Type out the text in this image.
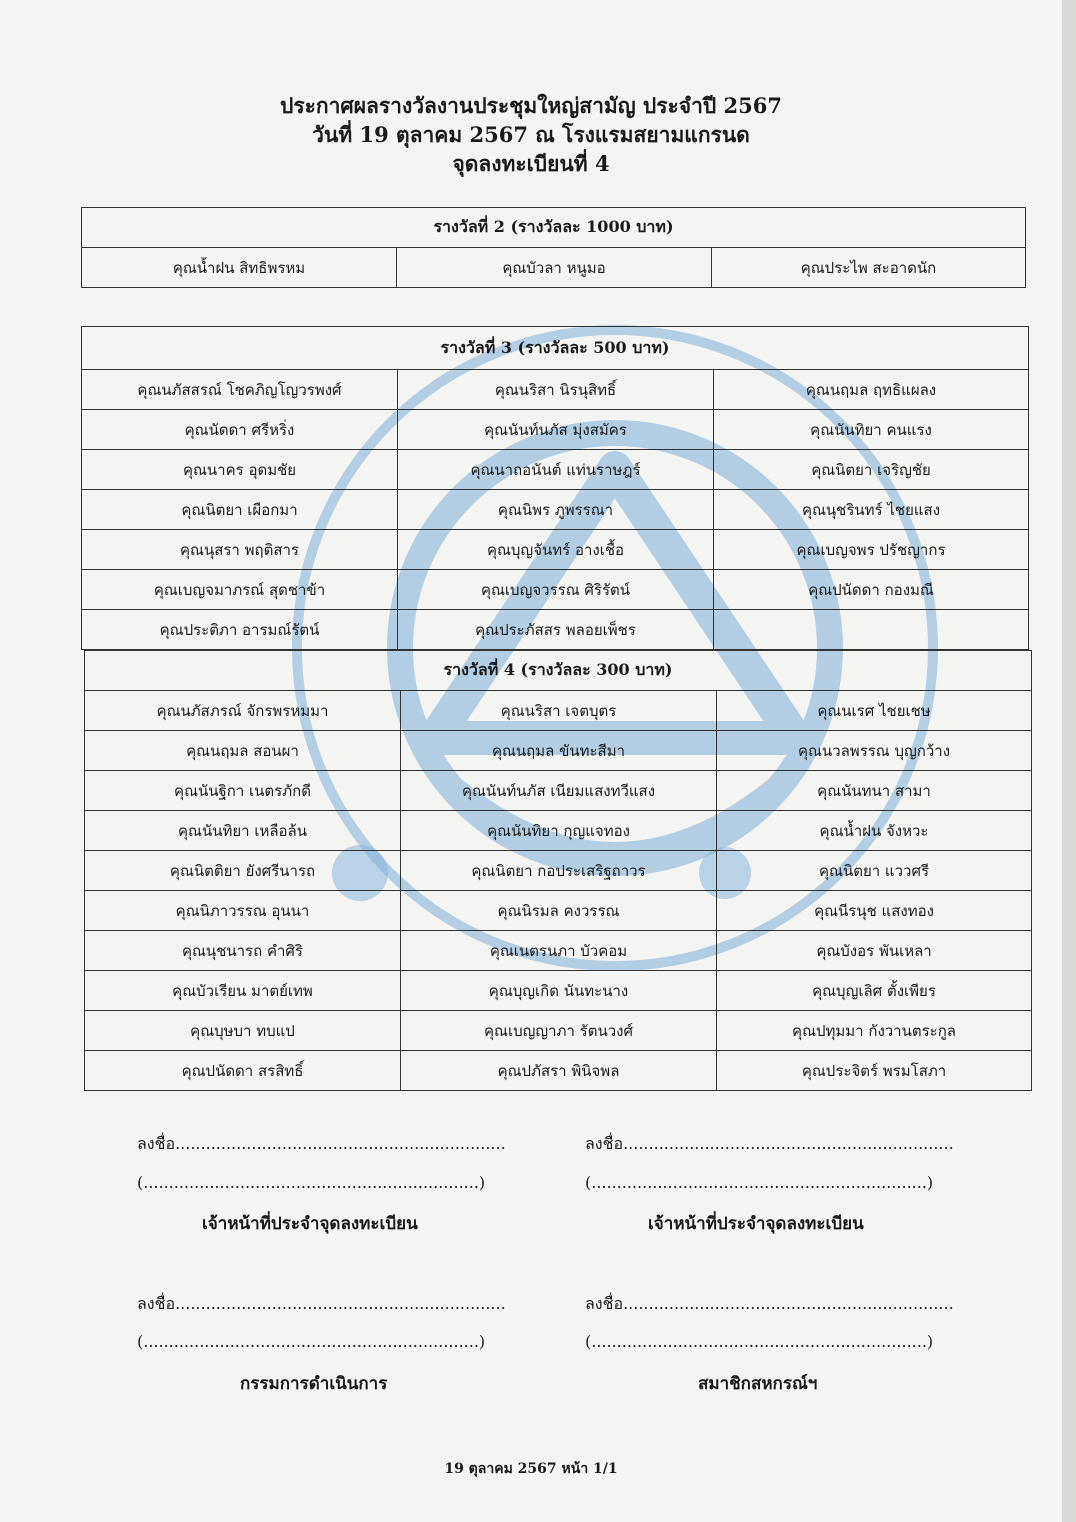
ประกาศผลรางวัลงานประชุมใหญ่สามัญ ประจำปี 2567
วันที่ 19 ตุลาคม 2567 ณ โรงแรมสยามแกรนด
จุดลงทะเบียนที่ 4
รางวัลที่ 2 (รางวัลละ 1000 บาท)
คุณน้ำฝน สิทธิพรหม	คุณบัวลา หนูมอ	คุณประไพ สะอาดนัก
รางวัลที่ 3 (รางวัลละ 500 บาท)		
คุณนภัสสรณ์ โชคภิญโญวรพงศ์	คุณนริสา นิรนุสิทธิ์	คุณนฤมล ฤทธิแผลง
คุณนัดดา ศรีหริ่ง	คุณนันท์นภัส มุ่งสมัคร	คุณนันทิยา คนแรง
คุณนาคร อุดมชัย	คุณนาถอนันต์ แท่นราษฎร์	คุณนิตยา เจริญชัย
คุณนิตยา เผือกมา	คุณนิพร ภูพรรณา	คุณนุชรินทร์ ไชยแสง
คุณนุสรา พฤติสาร	คุณบุญจันทร์ อางเชื้อ	คุณเบญจพร ปรัชญากร
คุณเบญจมาภรณ์ สุดชาข้า	คุณเบญจวรรณ ศิริรัตน์	คุณปนัดดา กองมณี
คุณประติภา อารมณ์รัตน์	คุณประภัสสร พลอยเพ็ชร	
รางวัลที่ 4 (รางวัลละ 300 บาท)		
คุณนภัสภรณ์ จักรพรหมมา	คุณนริสา เจตบุตร	คุณนเรศ ไชยเชษ
คุณนฤมล สอนผา	คุณนฤมล ขันทะสีมา	คุณนวลพรรณ บุญกว้าง
คุณนันฐิกา เนตรภักดี	คุณนันท์นภัส เนียมแสงทวีแสง	คุณนันทนา สามา
คุณนันทิยา เหลือล้น	คุณนันทิยา กุญแจทอง	คุณน้ำฝน จังหวะ
คุณนิตติยา ยังศรีนารถ	คุณนิตยา กอประเสริฐถาวร	คุณนิตยา แววศรี
คุณนิภาวรรณ อุนนา	คุณนิรมล คงวรรณ	คุณนีรนุช แสงทอง
คุณนุชนารถ คำศิริ	คุณเนตรนภา บัวคอม	คุณบังอร พันเหลา
คุณบัวเรียน มาตย์เทพ	คุณบุญเกิด นันทะนาง	คุณบุญเลิศ ตั้งเพียร
คุณบุษบา ทบแป	คุณเบญญาภา รัตนวงศ์	คุณปทุมมา กังวานตระกูล
คุณปนัดดา สรสิทธิ์	คุณปภัสรา พินิจพล	คุณประจิตร์ พรมโสภา
ลงชื่อ.................................................................
(..................................................................)
เจ้าหน้าที่ประจำจุดลงทะเบียน
ลงชื่อ.................................................................
(..................................................................)
เจ้าหน้าที่ประจำจุดลงทะเบียน
ลงชื่อ.................................................................
(..................................................................)
กรรมการดำเนินการ
ลงชื่อ.................................................................
(..................................................................)
สมาชิกสหกรณ์ฯ
19 ตุลาคม 2567 หน้า 1/1
